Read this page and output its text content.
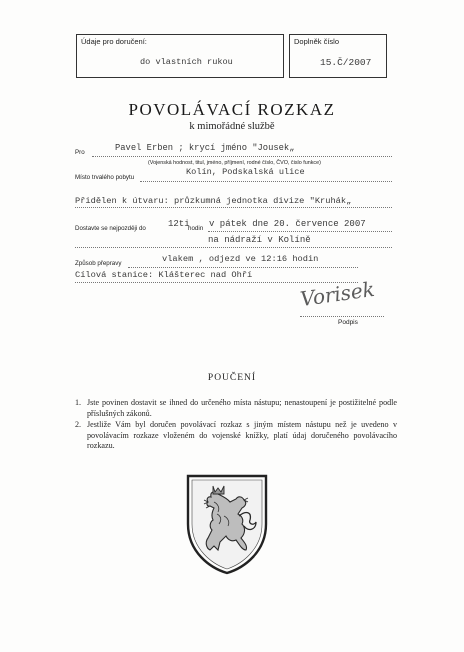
Údaje pro doručení:
do vlastních rukou
Doplněk číslo
15.Č/2007
POVOLÁVACÍ ROZKAZ
k mimořádné službě
Pro	Pavel Erben ; krycí jméno "Jousek„
(Vojenská hodnost, titul, jméno, příjmení, rodné číslo, ČVO, čislo funkce)
Místo trvalého pobytu
Kolín, Podskalská ulice
Přidělen k útvaru: průzkumná jednotka divize "Kruhák„
Dostavte se nejpozději do 12ti
hodin v pátek dne 20. července 2007
na nádraží v Kolíně
Způsob přepravy	vlakem , odjezd ve 12:16 hodin
Cílová stanice: Klášterec nad Ohří
Vorisek
Podpis
POUČENÍ
1. Jste povinen dostavit se ihned do určeného místa nástupu; nenastoupení je postižitelné podle příslušných zákonů.
2. Jestliže Vám byl doručen povolávací rozkaz s jiným místem nástupu než je uvedeno v povolávacím rozkaze vloženém do vojenské knížky, platí údaj doručeného povolávacího rozkazu.
